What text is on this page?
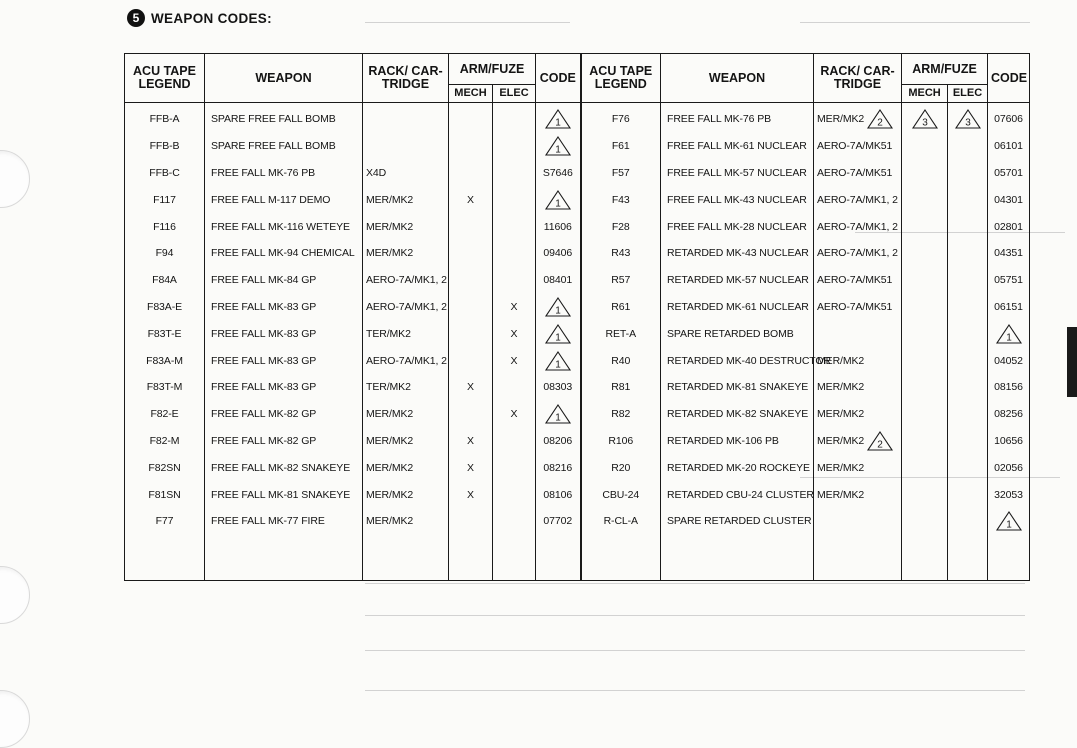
5 WEAPON CODES:
ACU TAPE LEGEND	WEAPON	RACK/ CAR- TRIDGE	ARM/FUZE		CODE	ACU TAPE LEGEND	WEAPON	RACK/ CAR- TRIDGE	ARM/FUZE		CODE
			MECH	ELEC					MECH	ELEC	
FFB-A	SPARE FREE FALL BOMB				1	F76	FREE FALL MK-76 PB	MER/MK2 2	3	3	07606
FFB-B	SPARE FREE FALL BOMB				1	F61	FREE FALL MK-61 NUCLEAR	AERO-7A/MK51			06101
FFB-C	FREE FALL MK-76 PB	X4D			S7646	F57	FREE FALL MK-57 NUCLEAR	AERO-7A/MK51			05701
F117	FREE FALL M-117 DEMO	MER/MK2	X		1	F43	FREE FALL MK-43 NUCLEAR	AERO-7A/MK1, 2			04301
F116	FREE FALL MK-116 WETEYE	MER/MK2			11606	F28	FREE FALL MK-28 NUCLEAR	AERO-7A/MK1, 2			02801
F94	FREE FALL MK-94 CHEMICAL	MER/MK2			09406	R43	RETARDED MK-43 NUCLEAR	AERO-7A/MK1, 2			04351
F84A	FREE FALL MK-84 GP	AERO-7A/MK1, 2			08401	R57	RETARDED MK-57 NUCLEAR	AERO-7A/MK51			05751
F83A-E	FREE FALL MK-83 GP	AERO-7A/MK1, 2		X	1	R61	RETARDED MK-61 NUCLEAR	AERO-7A/MK51			06151
F83T-E	FREE FALL MK-83 GP	TER/MK2		X	1	RET-A	SPARE RETARDED BOMB				1

F83A-M	FREE FALL MK-83 GP	AERO-7A/MK1, 2		X	1	R40	RETARDED MK-40 DESTRUCTOR	MER/MK2			04052
F83T-M	FREE FALL MK-83 GP	TER/MK2	X		08303	R81	RETARDED MK-81 SNAKEYE	MER/MK2			08156
F82-E	FREE FALL MK-82 GP	MER/MK2		X	1	R82	RETARDED MK-82 SNAKEYE	MER/MK2			08256
F82-M	FREE FALL MK-82 GP	MER/MK2	X		08206	R106	RETARDED MK-106 PB	MER/MK2 2			10656
F82SN	FREE FALL MK-82 SNAKEYE	MER/MK2	X		08216	R20	RETARDED MK-20 ROCKEYE	MER/MK2			02056
F81SN	FREE FALL MK-81 SNAKEYE	MER/MK2	X		08106	CBU-24	RETARDED CBU-24 CLUSTER	MER/MK2			32053
F77	FREE FALL MK-77 FIRE	MER/MK2			07702	R-CL-A	SPARE RETARDED CLUSTER				1
